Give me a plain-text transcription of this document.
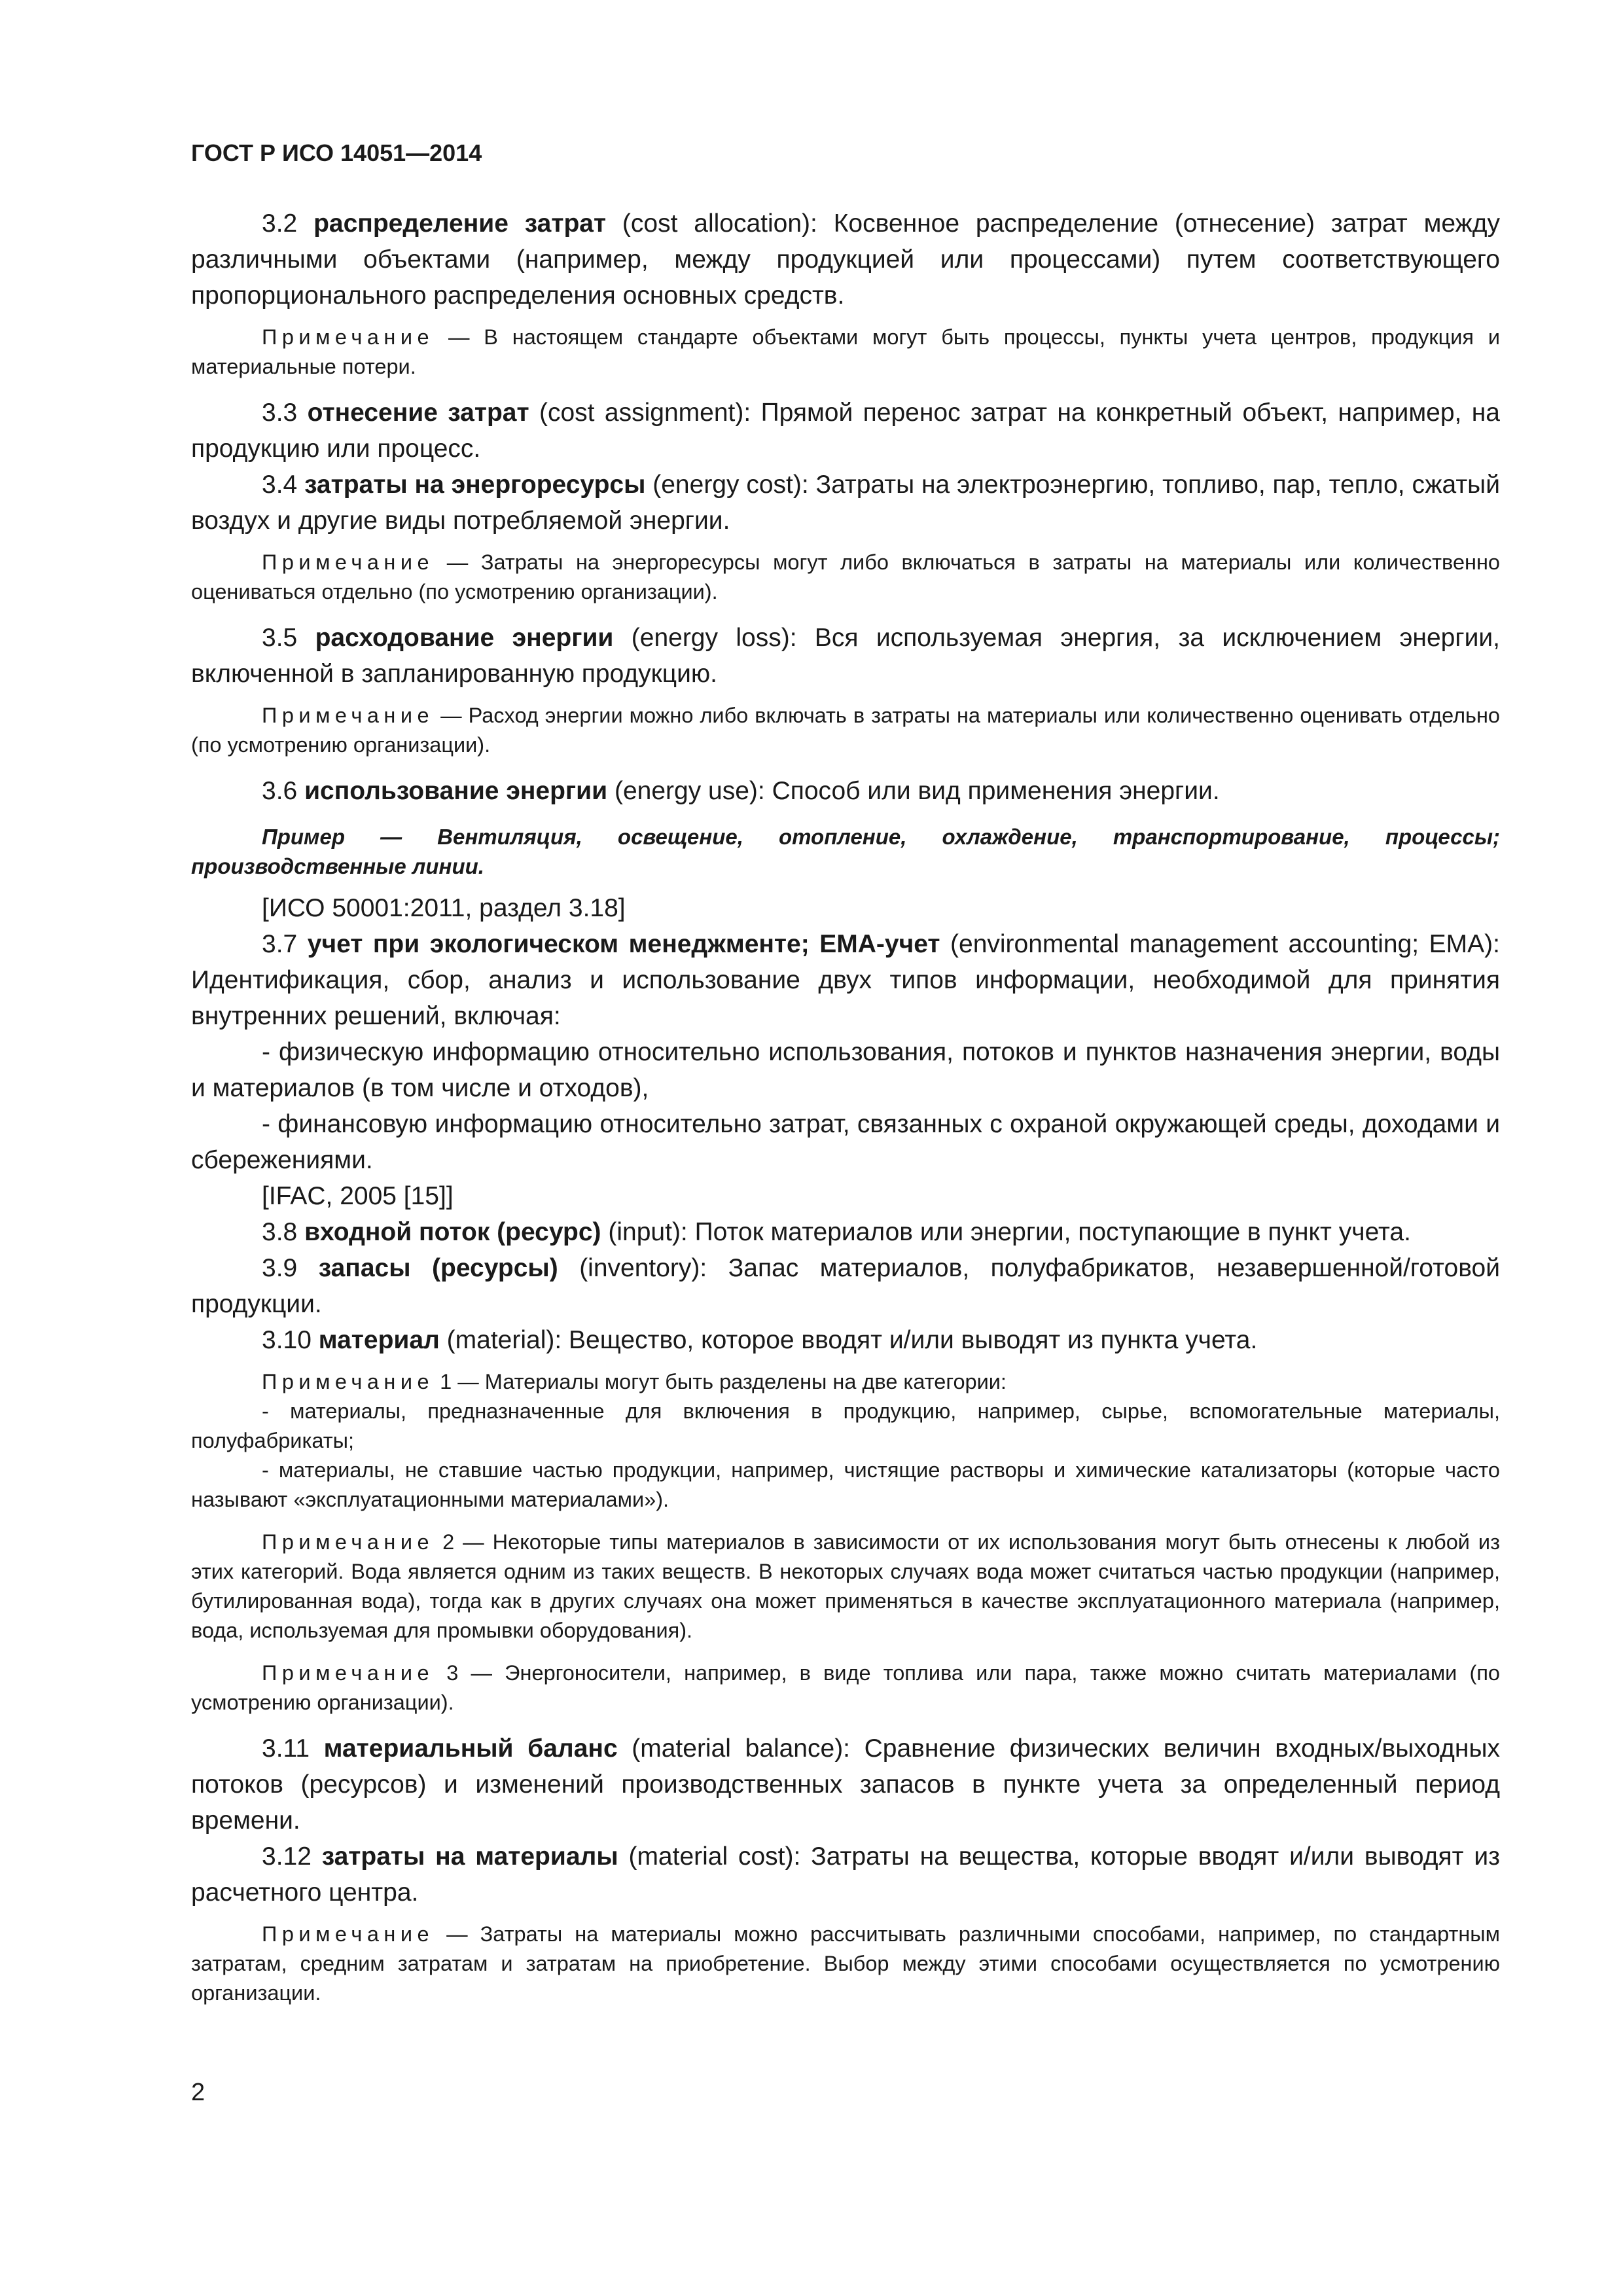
ГОСТ Р ИСО 14051—2014

3.2 распределение затрат (cost allocation): Косвенное распределение (отнесение) затрат между различными объектами (например, между продукцией или процессами) путем соответствующего пропорционального распределения основных средств.

Примечание — В настоящем стандарте объектами могут быть процессы, пункты учета центров, продукция и материальные потери.

3.3 отнесение затрат (cost assignment): Прямой перенос затрат на конкретный объект, например, на продукцию или процесс.

3.4 затраты на энергоресурсы (energy cost): Затраты на электроэнергию, топливо, пар, тепло, сжатый воздух и другие виды потребляемой энергии.

Примечание — Затраты на энергоресурсы могут либо включаться в затраты на материалы или количественно оцениваться отдельно (по усмотрению организации).

3.5 расходование энергии (energy loss): Вся используемая энергия, за исключением энергии, включенной в запланированную продукцию.

Примечание — Расход энергии можно либо включать в затраты на материалы или количественно оценивать отдельно (по усмотрению организации).

3.6 использование энергии (energy use): Способ или вид применения энергии.

Пример — Вентиляция, освещение, отопление, охлаждение, транспортирование, процессы; производственные линии.

[ИСО 50001:2011, раздел 3.18]

3.7 учет при экологическом менеджменте; ЕМА-учет (environmental management accounting; ЕМА): Идентификация, сбор, анализ и использование двух типов информации, необходимой для принятия внутренних решений, включая:

- физическую информацию относительно использования, потоков и пунктов назначения энергии, воды и материалов (в том числе и отходов),

- финансовую информацию относительно затрат, связанных с охраной окружающей среды, доходами и сбережениями.

[IFAC, 2005 [15]]

3.8 входной поток (ресурс) (input): Поток материалов или энергии, поступающие в пункт учета.

3.9 запасы (ресурсы) (inventory): Запас материалов, полуфабрикатов, незавершенной/готовой продукции.

3.10 материал (material): Вещество, которое вводят и/или выводят из пункта учета.

Примечание 1 — Материалы могут быть разделены на две категории:

- материалы, предназначенные для включения в продукцию, например, сырье, вспомогательные материалы, полуфабрикаты;

- материалы, не ставшие частью продукции, например, чистящие растворы и химические катализаторы (которые часто называют «эксплуатационными материалами»).

Примечание 2 — Некоторые типы материалов в зависимости от их использования могут быть отнесены к любой из этих категорий. Вода является одним из таких веществ. В некоторых случаях вода может считаться частью продукции (например, бутилированная вода), тогда как в других случаях она может применяться в качестве эксплуатационного материала (например, вода, используемая для промывки оборудования).

Примечание 3 — Энергоносители, например, в виде топлива или пара, также можно считать материалами (по усмотрению организации).

3.11 материальный баланс (material balance): Сравнение физических величин входных/выходных потоков (ресурсов) и изменений производственных запасов в пункте учета за определенный период времени.

3.12 затраты на материалы (material cost): Затраты на вещества, которые вводят и/или выводят из расчетного центра.

Примечание — Затраты на материалы можно рассчитывать различными способами, например, по стандартным затратам, средним затратам и затратам на приобретение. Выбор между этими способами осуществляется по усмотрению организации.

2
